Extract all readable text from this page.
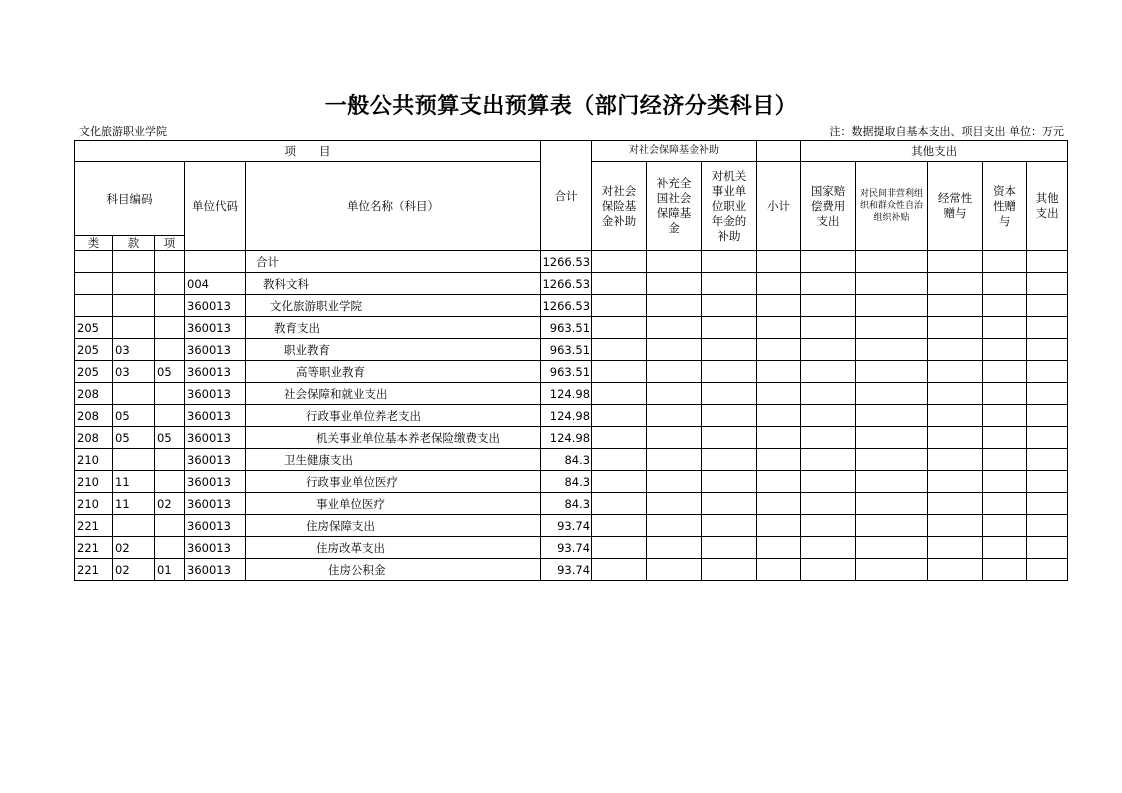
一般公共预算支出预算表（部门经济分类科目）
文化旅游职业学院	注：数据提取自基本支出、项目支出 单位：万元
项　　目					合计	对社会保障基金补助				其他支出				
科目编码			单位代码	单位名称（科目）		对社会保险基金补助	补充全国社会保障基金	对机关事业单位职业年金的补助	小计	国家赔偿费用支出	对民间非营利组织和群众性自治组织补贴	经常性赠与	资本性赠与	其他支出
类	款	项												
				合计	1266.53									
			004	教科文科	1266.53									
			360013	文化旅游职业学院	1266.53									
205			360013	教育支出	963.51									
205	03		360013	职业教育	963.51									
205	03	05	360013	高等职业教育	963.51									
208			360013	社会保障和就业支出	124.98									
208	05		360013	行政事业单位养老支出	124.98									
208	05	05	360013	机关事业单位基本养老保险缴费支出	124.98									
210			360013	卫生健康支出	84.3									
210	11		360013	行政事业单位医疗	84.3									
210	11	02	360013	事业单位医疗	84.3									
221			360013	住房保障支出	93.74									
221	02		360013	住房改革支出	93.74									
221	02	01	360013	住房公积金	93.74									
